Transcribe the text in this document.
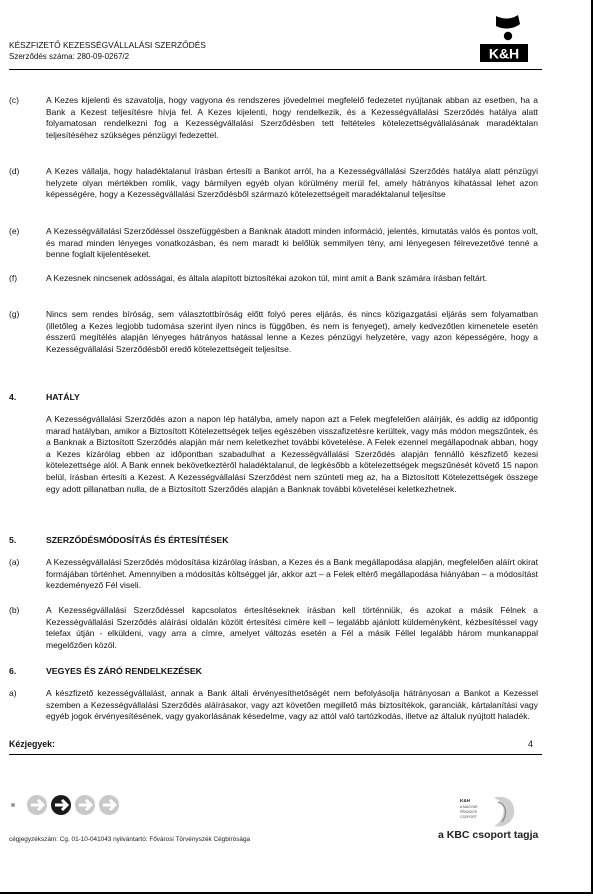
KÉSZFIZETŐ KEZESSÉGVÁLLALÁSI SZERZŐDÉS
Szerződés száma: 280-09-0267/2	K&H
(c)	A Kezes kijelenti és szavatolja, hogy vagyona és rendszeres jövedelmei megfelelő fedezetet nyújtanak abban az esetben, ha a Bank a Kezest teljesítésre hívja fel. A Kezes kijelenti, hogy rendelkezik, és a Kezességvállalási Szerződés hatálya alatt folyamatosan rendelkezni fog a Kezességvállalási Szerződésben tett feltételes kötelezettségvállalásának maradéktalan teljesítéséhez szükséges pénzügyi fedezettel.
(d)	A Kezes vállalja, hogy haladéktalanul írásban értesíti a Bankot arról, ha a Kezességvállalási Szerződés hatálya alatt pénzügyi helyzete olyan mértékben romlik, vagy bármilyen egyéb olyan körülmény merül fel, amely hátrányos kihatással lehet azon képességére, hogy a Kezességvállalási Szerződésből származó kötelezettségeit maradéktalanul teljesítse
(e)	A Kezességvállalási Szerződéssel összefüggésben a Banknak átadott minden információ, jelentés, kimutatás valós és pontos volt, és marad minden lényeges vonatkozásban, és nem maradt ki belőlük semmilyen tény, ami lényegesen félrevezetővé tenné a benne foglalt kijelentéseket.
(f)	A Kezesnek nincsenek adósságai, és általa alapított biztosítékai azokon túl, mint amit a Bank számára írásban feltárt.
(g)	Nincs sem rendes bíróság, sem választottbíróság előtt folyó peres eljárás, és nincs közigazgatási eljárás sem folyamatban (illetőleg a Kezes legjobb tudomása szerint ilyen nincs is függőben, és nem is fenyeget), amely kedvezőtlen kimenetele esetén ésszerű megítélés alapján lényeges hátrányos hatással lenne a Kezes pénzügyi helyzetére, vagy azon képességére, hogy a Kezességvállalási Szerződésből eredő kötelezettségeit teljesítse.
4.	HATÁLY
A Kezességvállalási Szerződés azon a napon lép hatályba, amely napon azt a Felek megfelelően aláírják, és addig az időpontig marad hatályban, amikor a Biztosított Kötelezettségek teljes egészében visszafizetésre kerültek, vagy más módon megszűntek, és a Banknak a Biztosított Szerződés alapján már nem keletkezhet további követelése. A Felek ezennel megállapodnak abban, hogy a Kezes kizárólag ebben az időpontban szabadulhat a Kezességvállalási Szerződés alapján fennálló készfizető kezesi kötelezettsége alól. A Bank ennek bekövetkeztéről haladéktalanul, de legkésőbb a kötelezettségek megszűnését követő 15 napon belül, írásban értesíti a Kezest. A Kezességvállalási Szerződést nem szünteti meg az, ha a Biztosított Kötelezettségek összege egy adott pillanatban nulla, de a Biztosított Szerződés alapján a Banknak további követelései keletkezhetnek.
5.	SZERZŐDÉSMÓDOSÍTÁS ÉS ÉRTESÍTÉSEK
(a)	A Kezességvállalási Szerződés módosítása kizárólag írásban, a Kezes és a Bank megállapodása alapján, megfelelően aláírt okirat formájában történhet. Amennyiben a módosítás költséggel jár, akkor azt – a Felek eltérő megállapodása hiányában – a módosítást kezdeményező Fél viseli.
(b)	A Kezességvállalási Szerződéssel kapcsolatos értesítéseknek írásban kell történniük, és azokat a másik Félnek a Kezességvállalási Szerződés aláírási oldalán közölt értesítési címére kell – legalább ajánlott küldeményként, kézbesítéssel vagy telefax útján - elküldeni, vagy arra a címre, amelyet változás esetén a Fél a másik Féllel legalább három munkanappal megelőzően közöl.
6.	VEGYES ÉS ZÁRÓ RENDELKEZÉSEK
a)	A készfizető kezességvállalást, annak a Bank általi érvényesíthetőségét nem befolyásolja hátrányosan a Bankot a Kezessel szemben a Kezességvállalási Szerződés aláírásakor, vagy azt követően megillető más biztosítékok, garanciák, kártalanítási vagy egyéb jogok érvényesítésének, vagy gyakorlásának késedelme, vagy az attól való tartózkodás, illetve az általuk nyújtott haladék.
Kézjegyek:	4
K&H
A MAGYAR
PÉNZÜGYI
CSOPORT
cégjegyzékszám: Cg. 01-10-041043 nyilvántartó: Fővárosi Törvényszék Cégbírósága	a KBC csoport tagja
